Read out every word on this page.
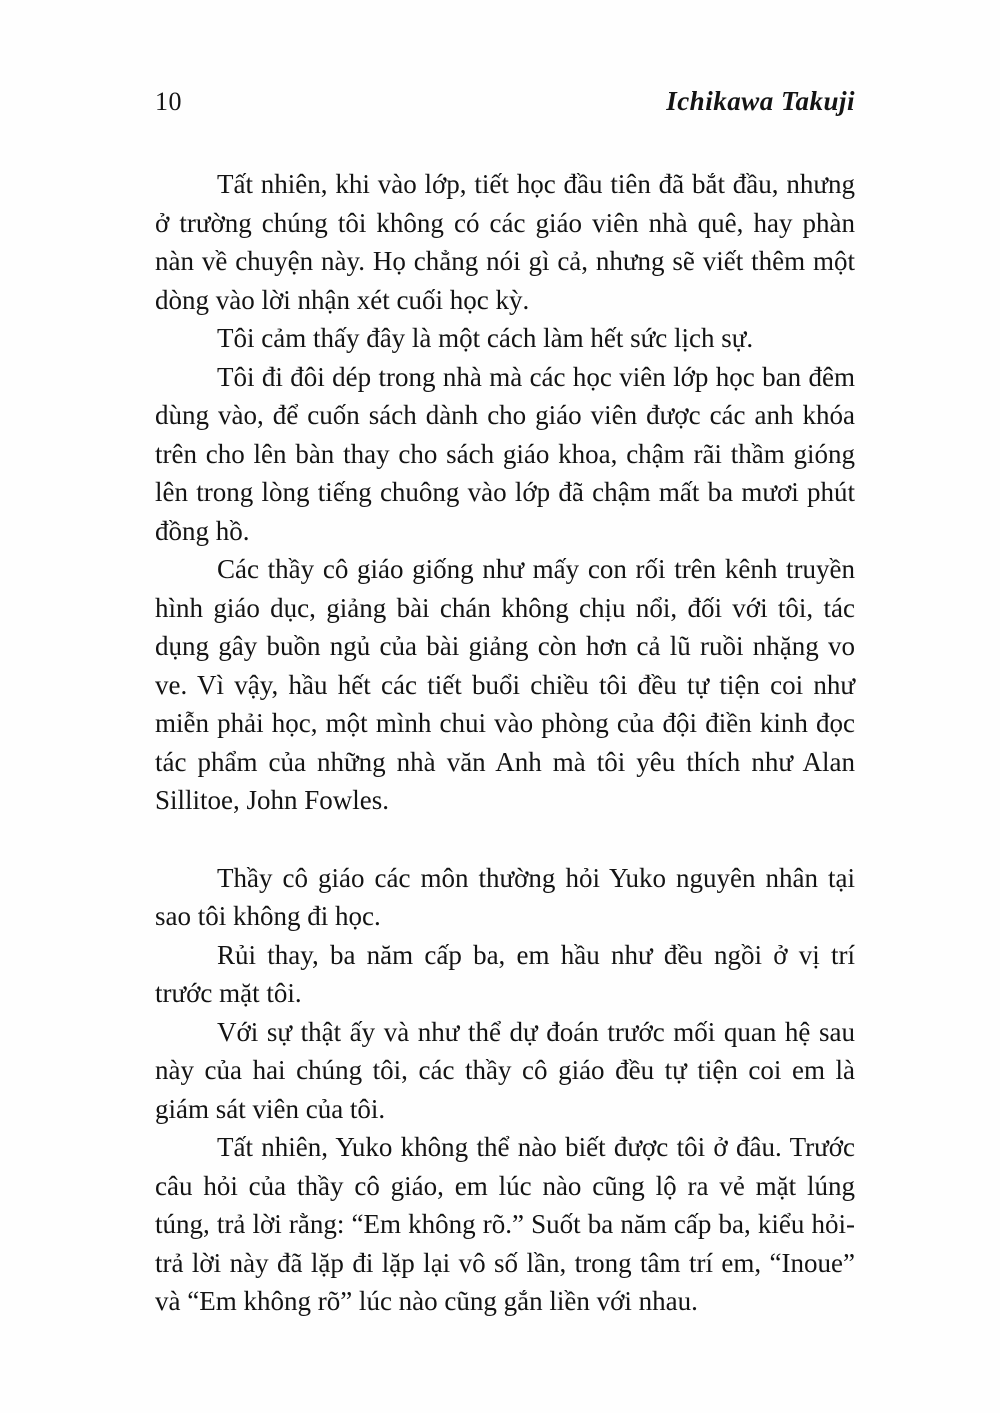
10	Ichikawa Takuji

Tất nhiên, khi vào lớp, tiết học đầu tiên đã bắt đầu, nhưng ở trường chúng tôi không có các giáo viên nhà quê, hay phàn nàn về chuyện này. Họ chẳng nói gì cả, nhưng sẽ viết thêm một dòng vào lời nhận xét cuối học kỳ.

Tôi cảm thấy đây là một cách làm hết sức lịch sự.

Tôi đi đôi dép trong nhà mà các học viên lớp học ban đêm dùng vào, để cuốn sách dành cho giáo viên được các anh khóa trên cho lên bàn thay cho sách giáo khoa, chậm rãi thầm gióng lên trong lòng tiếng chuông vào lớp đã chậm mất ba mươi phút đồng hồ.

Các thầy cô giáo giống như mấy con rối trên kênh truyền hình giáo dục, giảng bài chán không chịu nổi, đối với tôi, tác dụng gây buồn ngủ của bài giảng còn hơn cả lũ ruồi nhặng vo ve. Vì vậy, hầu hết các tiết buổi chiều tôi đều tự tiện coi như miễn phải học, một mình chui vào phòng của đội điền kinh đọc tác phẩm của những nhà văn Anh mà tôi yêu thích như Alan Sillitoe, John Fowles.

Thầy cô giáo các môn thường hỏi Yuko nguyên nhân tại sao tôi không đi học.

Rủi thay, ba năm cấp ba, em hầu như đều ngồi ở vị trí trước mặt tôi.

Với sự thật ấy và như thể dự đoán trước mối quan hệ sau này của hai chúng tôi, các thầy cô giáo đều tự tiện coi em là giám sát viên của tôi.

Tất nhiên, Yuko không thể nào biết được tôi ở đâu. Trước câu hỏi của thầy cô giáo, em lúc nào cũng lộ ra vẻ mặt lúng túng, trả lời rằng: “Em không rõ.” Suốt ba năm cấp ba, kiểu hỏi-trả lời này đã lặp đi lặp lại vô số lần, trong tâm trí em, “Inoue” và “Em không rõ” lúc nào cũng gắn liền với nhau.
